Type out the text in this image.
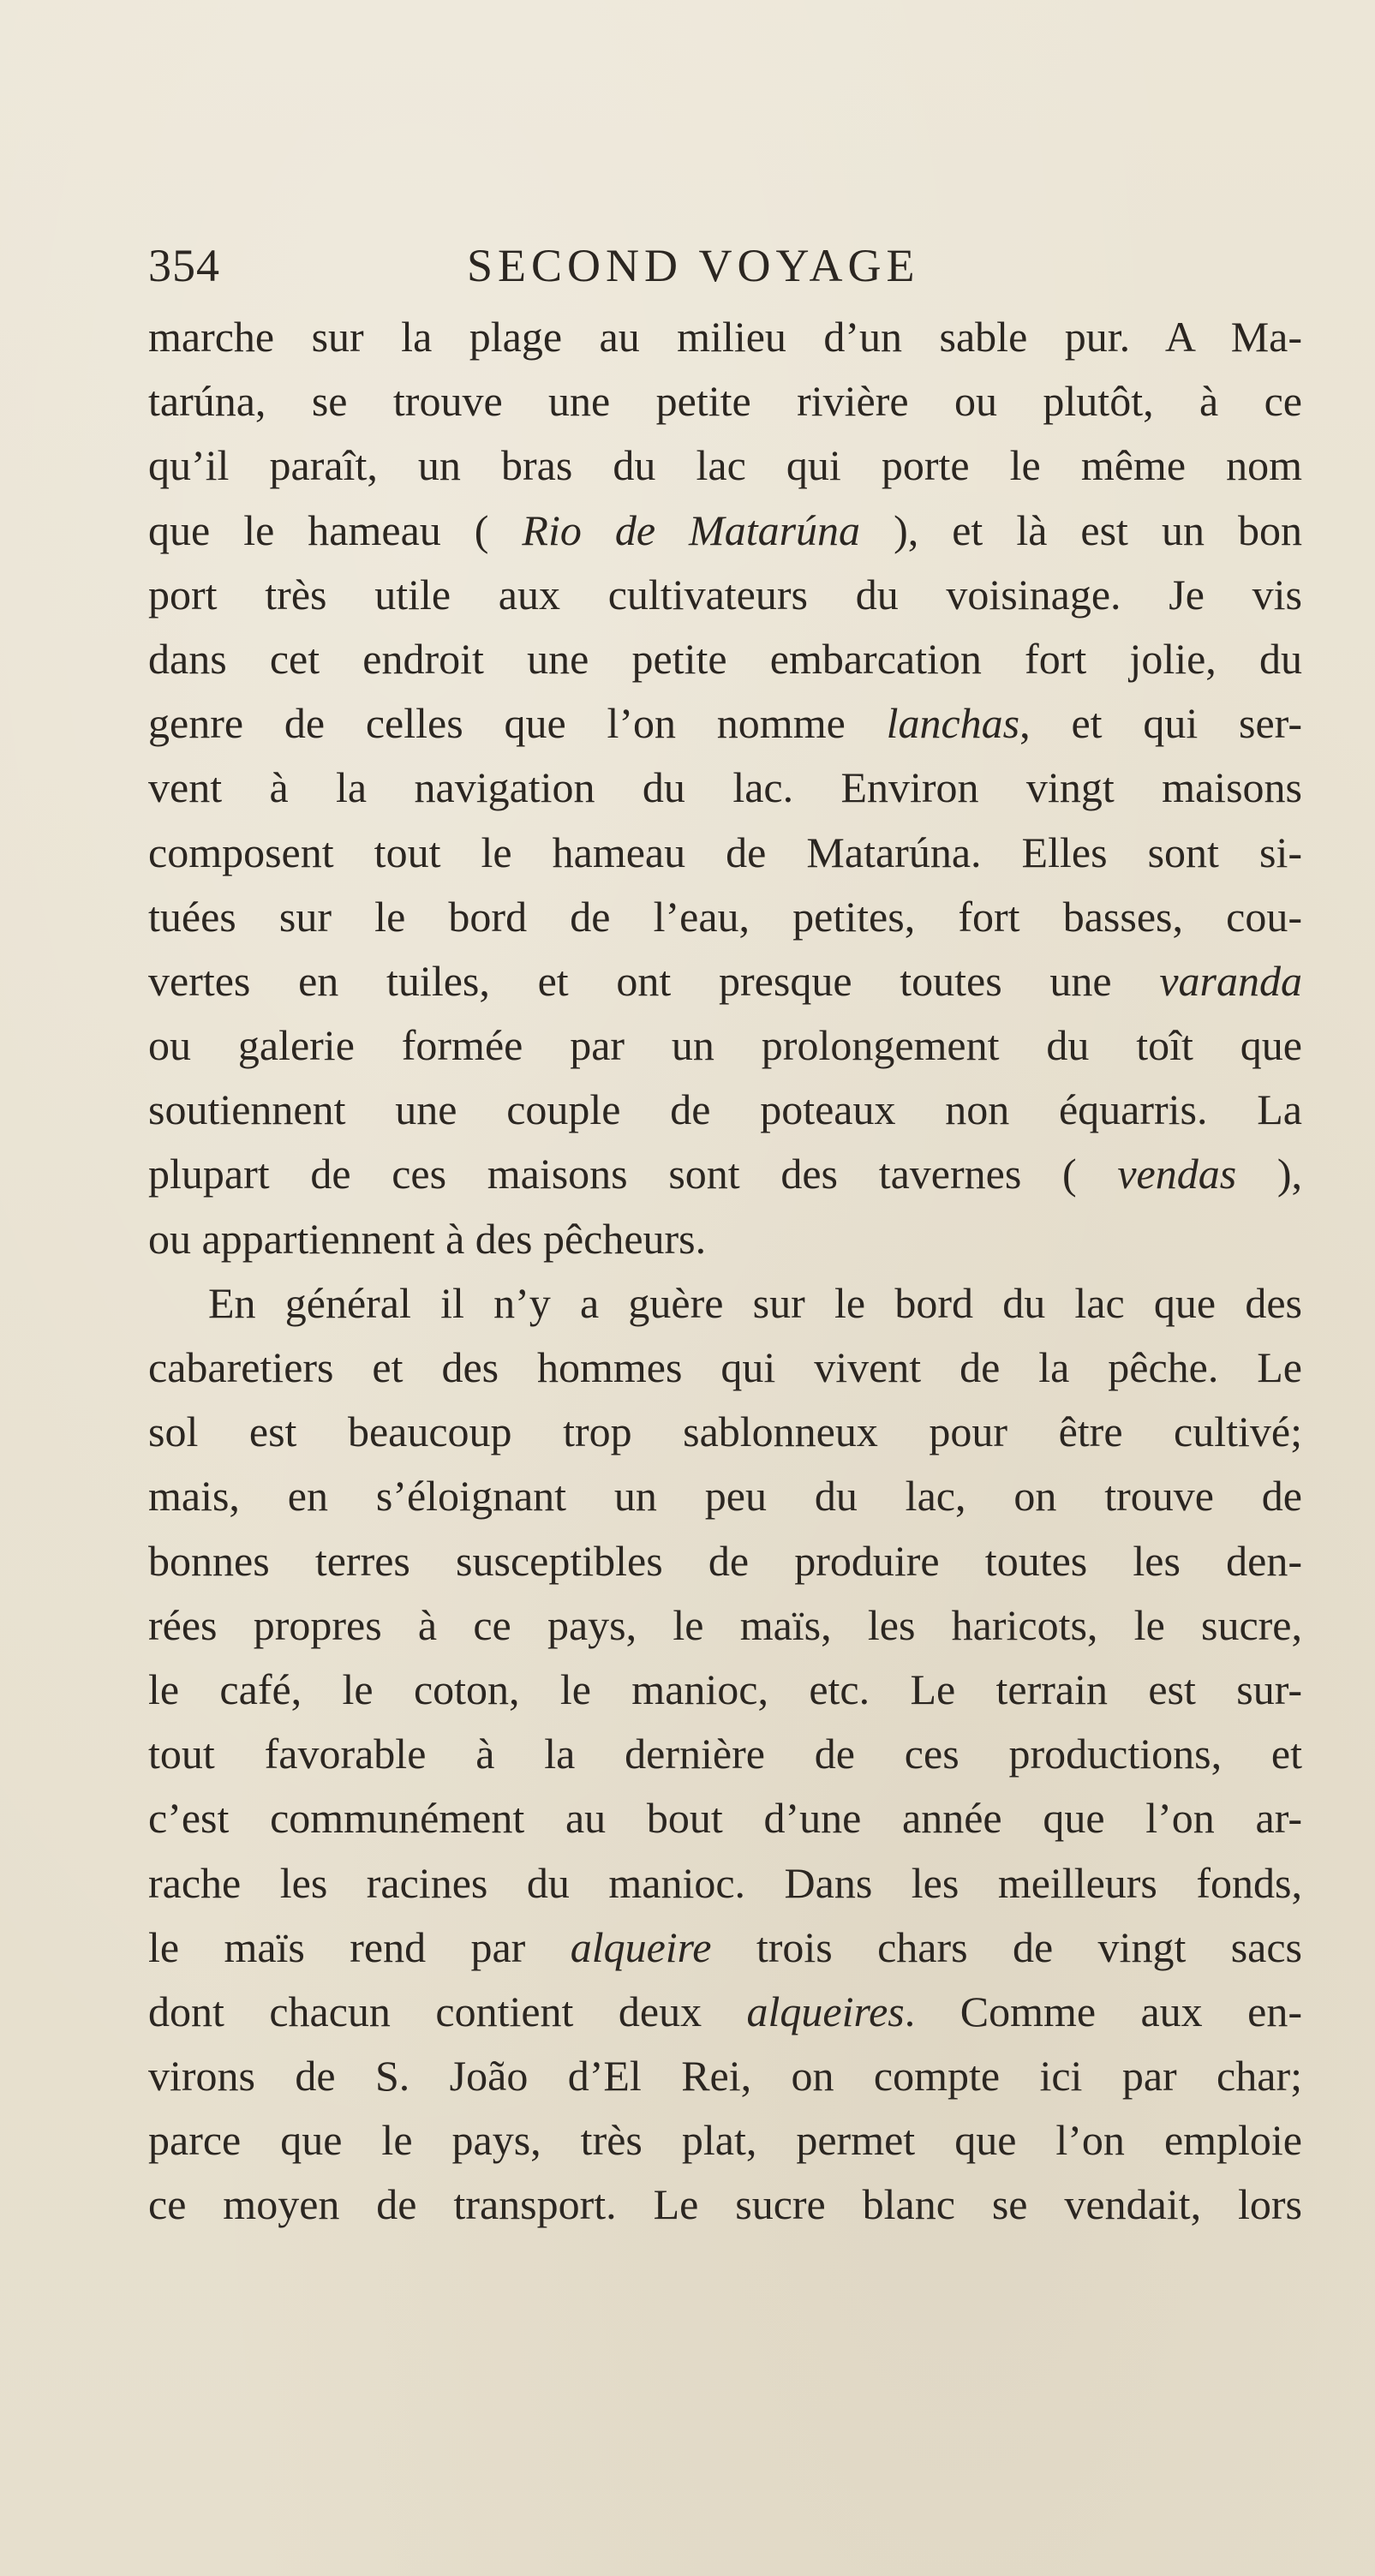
354	SECOND VOYAGE
marche sur la plage au milieu d’un sable pur. A Ma-
tarúna, se trouve une petite rivière ou plutôt, à ce
qu’il paraît, un bras du lac qui porte le même nom
que le hameau ( Rio de Matarúna ), et là est un bon
port très utile aux cultivateurs du voisinage. Je vis
dans cet endroit une petite embarcation fort jolie, du
genre de celles que l’on nomme lanchas, et qui ser-
vent à la navigation du lac. Environ vingt maisons
composent tout le hameau de Matarúna. Elles sont si-
tuées sur le bord de l’eau, petites, fort basses, cou-
vertes en tuiles, et ont presque toutes une varanda
ou galerie formée par un prolongement du toît que
soutiennent une couple de poteaux non équarris. La
plupart de ces maisons sont des tavernes ( vendas ),
ou appartiennent à des pêcheurs.
En général il n’y a guère sur le bord du lac que des
cabaretiers et des hommes qui vivent de la pêche. Le
sol est beaucoup trop sablonneux pour être cultivé;
mais, en s’éloignant un peu du lac, on trouve de
bonnes terres susceptibles de produire toutes les den-
rées propres à ce pays, le maïs, les haricots, le sucre,
le café, le coton, le manioc, etc. Le terrain est sur-
tout favorable à la dernière de ces productions, et
c’est communément au bout d’une année que l’on ar-
rache les racines du manioc. Dans les meilleurs fonds,
le maïs rend par alqueire trois chars de vingt sacs
dont chacun contient deux alqueires. Comme aux en-
virons de S. João d’El Rei, on compte ici par char;
parce que le pays, très plat, permet que l’on emploie
ce moyen de transport. Le sucre blanc se vendait, lors
